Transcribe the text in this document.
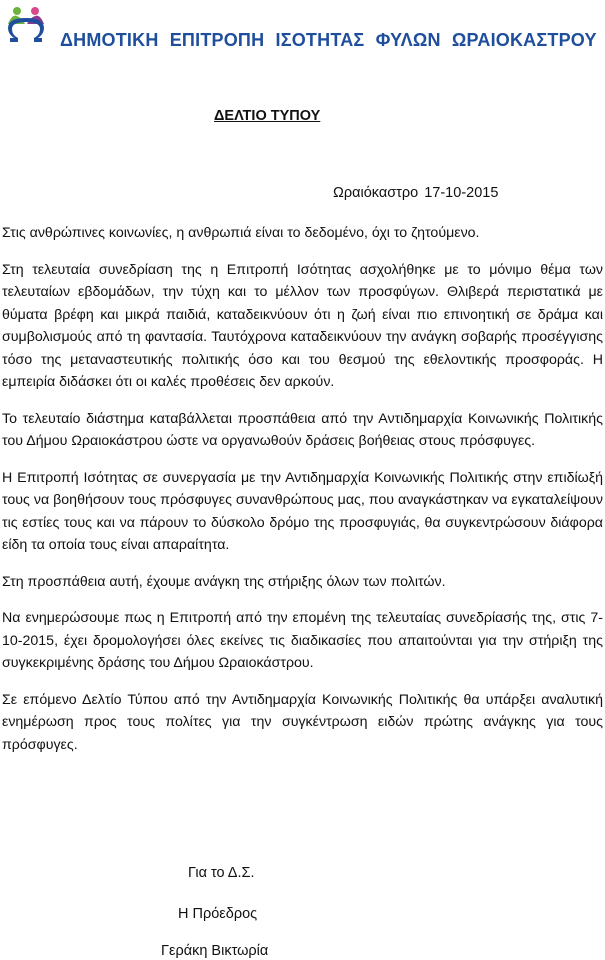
ΔΗΜΟΤΙΚΗ ΕΠΙΤΡΟΠΗ ΙΣΟΤΗΤΑΣ ΦΥΛΩΝ ΩΡΑΙΟΚΑΣΤΡΟΥ
ΔΕΛΤΙΟ ΤΥΠΟΥ
Ωραιόκαστρο 17-10-2015

Στις ανθρώπινες κοινωνίες, η ανθρωπιά είναι το δεδομένο, όχι το ζητούμενο.

Στη τελευταία συνεδρίαση της η Επιτροπή Ισότητας ασχολήθηκε με το μόνιμο θέμα των τελευταίων εβδομάδων, την τύχη και το μέλλον των προσφύγων. Θλιβερά περιστατικά με θύματα βρέφη και μικρά παιδιά, καταδεικνύουν ότι η ζωή είναι πιο επινοητική σε δράμα και συμβολισμούς από τη φαντασία. Ταυτόχρονα καταδεικνύουν την ανάγκη σοβαρής προσέγγισης τόσο της μεταναστευτικής πολιτικής όσο και του θεσμού της εθελοντικής προσφοράς. Η εμπειρία διδάσκει ότι οι καλές προθέσεις δεν αρκούν.

Το τελευταίο διάστημα καταβάλλεται προσπάθεια από την Αντιδημαρχία Κοινωνικής Πολιτικής του Δήμου Ωραιοκάστρου ώστε να οργανωθούν δράσεις βοήθειας στους πρόσφυγες.

Η Επιτροπή Ισότητας σε συνεργασία με την Αντιδημαρχία Κοινωνικής Πολιτικής στην επιδίωξή τους να βοηθήσουν τους πρόσφυγες συνανθρώπους μας, που αναγκάστηκαν να εγκαταλείψουν τις εστίες τους και να πάρουν το δύσκολο δρόμο της προσφυγιάς, θα συγκεντρώσουν διάφορα είδη τα οποία τους είναι απαραίτητα.

Στη προσπάθεια αυτή, έχουμε ανάγκη της στήριξης όλων των πολιτών.

Να ενημερώσουμε πως η Επιτροπή από την επομένη της τελευταίας συνεδρίασής της, στις 7-10-2015, έχει δρομολογήσει όλες εκείνες τις διαδικασίες που απαιτούνται για την στήριξη της συγκεκριμένης δράσης του Δήμου Ωραιοκάστρου.

Σε επόμενο Δελτίο Τύπου από την Αντιδημαρχία Κοινωνικής Πολιτικής θα υπάρξει αναλυτική ενημέρωση προς τους πολίτες για την συγκέντρωση ειδών πρώτης ανάγκης για τους πρόσφυγες.

Για το Δ.Σ.
Η Πρόεδρος
Γεράκη Βικτωρία
